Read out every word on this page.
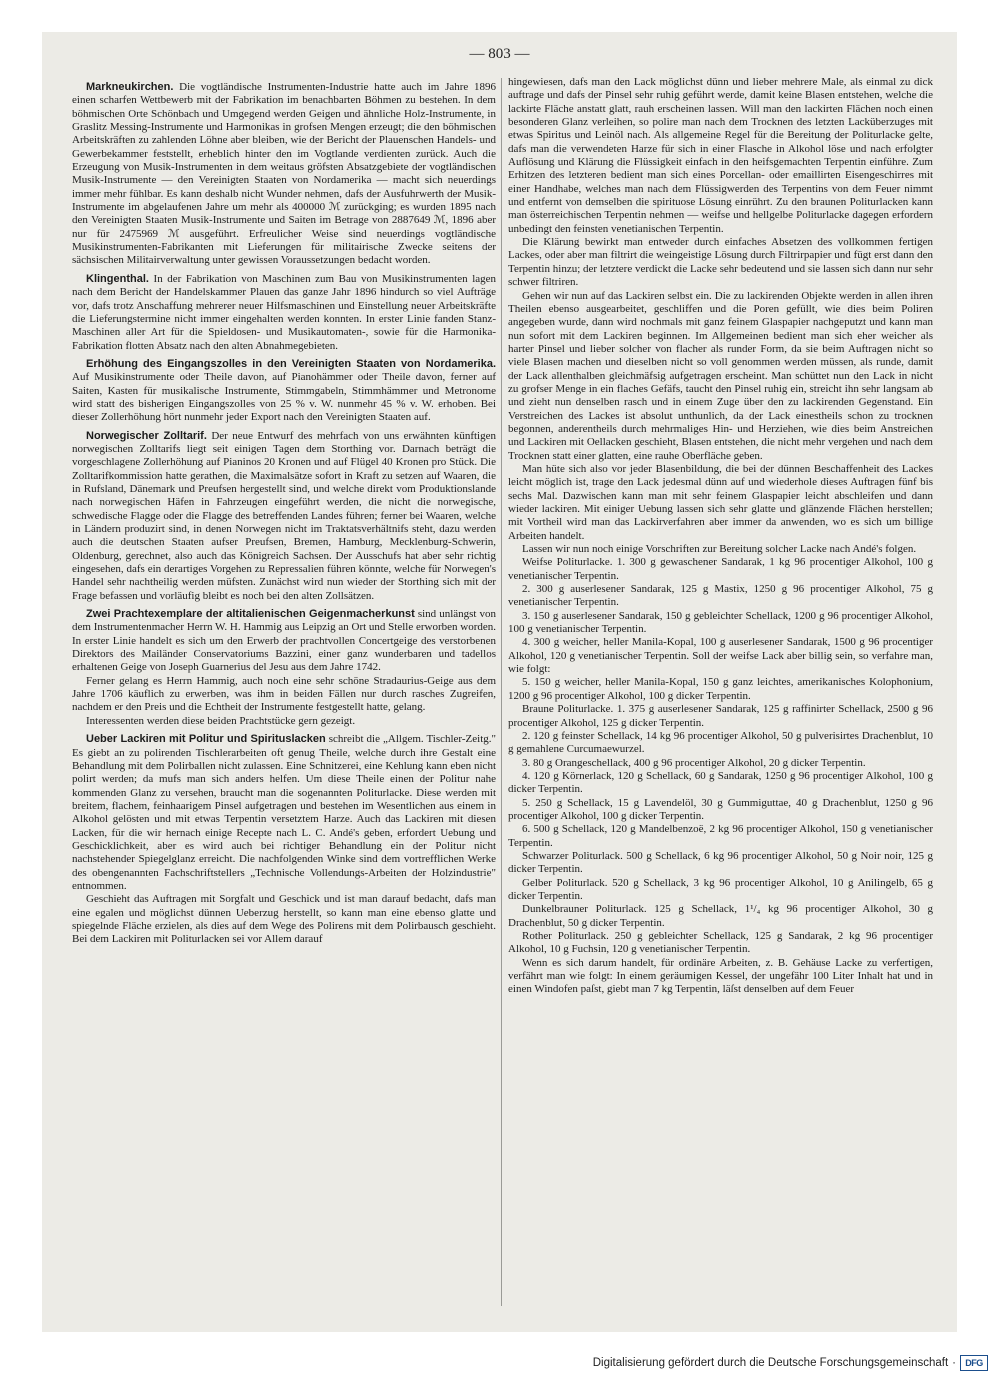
— 803 —

Markneukirchen. Die vogtländische Instrumenten-Industrie hatte auch im Jahre 1896 einen scharfen Wettbewerb mit der Fabrikation im benachbarten Böhmen zu bestehen. In dem böhmischen Orte Schönbach und Umgegend werden Geigen und ähnliche Holz-Instrumente, in Graslitz Messing-Instrumente und Harmonikas in grofsen Mengen erzeugt; die den böhmischen Arbeitskräften zu zahlenden Löhne aber bleiben, wie der Bericht der Plauenschen Handels- und Gewerbekammer feststellt, erheblich hinter den im Vogtlande verdienten zurück. Auch die Erzeugung von Musik-Instrumenten in dem weitaus gröfsten Absatzgebiete der vogtländischen Musik-Instrumente — den Vereinigten Staaten von Nordamerika — macht sich neuerdings immer mehr fühlbar. Es kann deshalb nicht Wunder nehmen, dafs der Ausfuhrwerth der Musik-Instrumente im abgelaufenen Jahre um mehr als 400000 ℳ zurückging; es wurden 1895 nach den Vereinigten Staaten Musik-Instrumente und Saiten im Betrage von 2887649 ℳ, 1896 aber nur für 2475969 ℳ ausgeführt. Erfreulicher Weise sind neuerdings vogtländische Musikinstrumenten-Fabrikanten mit Lieferungen für militairische Zwecke seitens der sächsischen Militairverwaltung unter gewissen Voraussetzungen bedacht worden.

Klingenthal. In der Fabrikation von Maschinen zum Bau von Musikinstrumenten lagen nach dem Bericht der Handelskammer Plauen das ganze Jahr 1896 hindurch so viel Aufträge vor, dafs trotz Anschaffung mehrerer neuer Hilfsmaschinen und Einstellung neuer Arbeitskräfte die Lieferungstermine nicht immer eingehalten werden konnten. In erster Linie fanden Stanz-Maschinen aller Art für die Spieldosen- und Musikautomaten-, sowie für die Harmonika-Fabrikation flotten Absatz nach den alten Abnahmegebieten.

Erhöhung des Eingangszolles in den Vereinigten Staaten von Nordamerika. Auf Musikinstrumente oder Theile davon, auf Pianohämmer oder Theile davon, ferner auf Saiten, Kasten für musikalische Instrumente, Stimmgabeln, Stimmhämmer und Metronome wird statt des bisherigen Eingangszolles von 25 % v. W. nunmehr 45 % v. W. erhoben. Bei dieser Zollerhöhung hört nunmehr jeder Export nach den Vereinigten Staaten auf.

Norwegischer Zolltarif. Der neue Entwurf des mehrfach von uns erwähnten künftigen norwegischen Zolltarifs liegt seit einigen Tagen dem Storthing vor. Darnach beträgt die vorgeschlagene Zollerhöhung auf Pianinos 20 Kronen und auf Flügel 40 Kronen pro Stück. Die Zolltarifkommission hatte gerathen, die Maximalsätze sofort in Kraft zu setzen auf Waaren, die in Rufsland, Dänemark und Preufsen hergestellt sind, und welche direkt vom Produktionslande nach norwegischen Häfen in Fahrzeugen eingeführt werden, die nicht die norwegische, schwedische Flagge oder die Flagge des betreffenden Landes führen; ferner bei Waaren, welche in Ländern produzirt sind, in denen Norwegen nicht im Traktatsverhältnifs steht, dazu werden auch die deutschen Staaten aufser Preufsen, Bremen, Hamburg, Mecklenburg-Schwerin, Oldenburg, gerechnet, also auch das Königreich Sachsen. Der Ausschufs hat aber sehr richtig eingesehen, dafs ein derartiges Vorgehen zu Repressalien führen könnte, welche für Norwegen's Handel sehr nachtheilig werden müfsten. Zunächst wird nun wieder der Storthing sich mit der Frage befassen und vorläufig bleibt es noch bei den alten Zollsätzen.

Zwei Prachtexemplare der altitalienischen Geigenmacherkunst sind unlängst von dem Instrumentenmacher Herrn W. H. Hammig aus Leipzig an Ort und Stelle erworben worden. In erster Linie handelt es sich um den Erwerb der prachtvollen Concertgeige des verstorbenen Direktors des Mailänder Conservatoriums Bazzini, einer ganz wunderbaren und tadellos erhaltenen Geige von Joseph Guarnerius del Jesu aus dem Jahre 1742.

Ferner gelang es Herrn Hammig, auch noch eine sehr schöne Stradaurius-Geige aus dem Jahre 1706 käuflich zu erwerben, was ihm in beiden Fällen nur durch rasches Zugreifen, nachdem er den Preis und die Echtheit der Instrumente festgestellt hatte, gelang.

Interessenten werden diese beiden Prachtstücke gern gezeigt.

Ueber Lackiren mit Politur und Spirituslacken schreibt die „Allgem. Tischler-Zeitg." Es giebt an zu polirenden Tischlerarbeiten oft genug Theile, welche durch ihre Gestalt eine Behandlung mit dem Polirballen nicht zulassen. Eine Schnitzerei, eine Kehlung kann eben nicht polirt werden; da mufs man sich anders helfen. Um diese Theile einen der Politur nahe kommenden Glanz zu versehen, braucht man die sogenannten Politurlacke. Diese werden mit breitem, flachem, feinhaarigem Pinsel aufgetragen und bestehen im Wesentlichen aus einem in Alkohol gelösten und mit etwas Terpentin versetztem Harze. Auch das Lackiren mit diesen Lacken, für die wir hernach einige Recepte nach L. C. Andé's geben, erfordert Uebung und Geschicklichkeit, aber es wird auch bei richtiger Behandlung ein der Politur nicht nachstehender Spiegelglanz erreicht. Die nachfolgenden Winke sind dem vortrefflichen Werke des obengenannten Fachschriftstellers „Technische Vollendungs-Arbeiten der Holzindustrie" entnommen.

Geschieht das Auftragen mit Sorgfalt und Geschick und ist man darauf bedacht, dafs man eine egalen und möglichst dünnen Ueberzug herstellt, so kann man eine ebenso glatte und spiegelnde Fläche erzielen, als dies auf dem Wege des Polirens mit dem Polirbausch geschieht. Bei dem Lackiren mit Politurlacken sei vor Allem darauf

hingewiesen, dafs man den Lack möglichst dünn und lieber mehrere Male, als einmal zu dick auftrage und dafs der Pinsel sehr ruhig geführt werde, damit keine Blasen entstehen, welche die lackirte Fläche anstatt glatt, rauh erscheinen lassen. Will man den lackirten Flächen noch einen besonderen Glanz verleihen, so polire man nach dem Trocknen des letzten Lacküberzuges mit etwas Spiritus und Leinöl nach. Als allgemeine Regel für die Bereitung der Politurlacke gelte, dafs man die verwendeten Harze für sich in einer Flasche in Alkohol löse und nach erfolgter Auflösung und Klärung die Flüssigkeit einfach in den heifsgemachten Terpentin einführe. Zum Erhitzen des letzteren bedient man sich eines Porcellan- oder emaillirten Eisengeschirres mit einer Handhabe, welches man nach dem Flüssigwerden des Terpentins von dem Feuer nimmt und entfernt von demselben die spirituose Lösung einrührt. Zu den braunen Politurlacken kann man österreichischen Terpentin nehmen — weifse und hellgelbe Politurlacke dagegen erfordern unbedingt den feinsten venetianischen Terpentin.

Die Klärung bewirkt man entweder durch einfaches Absetzen des vollkommen fertigen Lackes, oder aber man filtrirt die weingeistige Lösung durch Filtrirpapier und fügt erst dann den Terpentin hinzu; der letztere verdickt die Lacke sehr bedeutend und sie lassen sich dann nur sehr schwer filtriren.

Gehen wir nun auf das Lackiren selbst ein. Die zu lackirenden Objekte werden in allen ihren Theilen ebenso ausgearbeitet, geschliffen und die Poren gefüllt, wie dies beim Poliren angegeben wurde, dann wird nochmals mit ganz feinem Glaspapier nachgeputzt und kann man nun sofort mit dem Lackiren beginnen. Im Allgemeinen bedient man sich eher weicher als harter Pinsel und lieber solcher von flacher als runder Form, da sie beim Auftragen nicht so viele Blasen machen und dieselben nicht so voll genommen werden müssen, als runde, damit der Lack allenthalben gleichmäfsig aufgetragen erscheint. Man schüttet nun den Lack in nicht zu grofser Menge in ein flaches Gefäfs, taucht den Pinsel ruhig ein, streicht ihn sehr langsam ab und zieht nun denselben rasch und in einem Zuge über den zu lackirenden Gegenstand. Ein Verstreichen des Lackes ist absolut unthunlich, da der Lack einestheils schon zu trocknen begonnen, anderentheils durch mehrmaliges Hin- und Herziehen, wie dies beim Anstreichen und Lackiren mit Oellacken geschieht, Blasen entstehen, die nicht mehr vergehen und nach dem Trocknen statt einer glatten, eine rauhe Oberfläche geben.

Man hüte sich also vor jeder Blasenbildung, die bei der dünnen Beschaffenheit des Lackes leicht möglich ist, trage den Lack jedesmal dünn auf und wiederhole dieses Auftragen fünf bis sechs Mal. Dazwischen kann man mit sehr feinem Glaspapier leicht abschleifen und dann wieder lackiren. Mit einiger Uebung lassen sich sehr glatte und glänzende Flächen herstellen; mit Vortheil wird man das Lackirverfahren aber immer da anwenden, wo es sich um billige Arbeiten handelt.

Lassen wir nun noch einige Vorschriften zur Bereitung solcher Lacke nach Andé's folgen.

Weifse Politurlacke. 1. 300 g gewaschener Sandarak, 1 kg 96 procentiger Alkohol, 100 g venetianischer Terpentin.

2. 300 g auserlesener Sandarak, 125 g Mastix, 1250 g 96 procentiger Alkohol, 75 g venetianischer Terpentin.

3. 150 g auserlesener Sandarak, 150 g gebleichter Schellack, 1200 g 96 procentiger Alkohol, 100 g venetianischer Terpentin.

4. 300 g weicher, heller Manila-Kopal, 100 g auserlesener Sandarak, 1500 g 96 procentiger Alkohol, 120 g venetianischer Terpentin. Soll der weifse Lack aber billig sein, so verfahre man, wie folgt:

5. 150 g weicher, heller Manila-Kopal, 150 g ganz leichtes, amerikanisches Kolophonium, 1200 g 96 procentiger Alkohol, 100 g dicker Terpentin.

Braune Politurlacke. 1. 375 g auserlesener Sandarak, 125 g raffinirter Schellack, 2500 g 96 procentiger Alkohol, 125 g dicker Terpentin.

2. 120 g feinster Schellack, 14 kg 96 procentiger Alkohol, 50 g pulverisirtes Drachenblut, 10 g gemahlene Curcumaewurzel.

3. 80 g Orangeschellack, 400 g 96 procentiger Alkohol, 20 g dicker Terpentin.

4. 120 g Körnerlack, 120 g Schellack, 60 g Sandarak, 1250 g 96 procentiger Alkohol, 100 g dicker Terpentin.

5. 250 g Schellack, 15 g Lavendelöl, 30 g Gummiguttae, 40 g Drachenblut, 1250 g 96 procentiger Alkohol, 100 g dicker Terpentin.

6. 500 g Schellack, 120 g Mandelbenzoë, 2 kg 96 procentiger Alkohol, 150 g venetianischer Terpentin.

Schwarzer Politurlack. 500 g Schellack, 6 kg 96 procentiger Alkohol, 50 g Noir noir, 125 g dicker Terpentin.

Gelber Politurlack. 520 g Schellack, 3 kg 96 procentiger Alkohol, 10 g Anilingelb, 65 g dicker Terpentin.

Dunkelbrauner Politurlack. 125 g Schellack, 1¹/₄ kg 96 procentiger Alkohol, 30 g Drachenblut, 50 g dicker Terpentin.

Rother Politurlack. 250 g gebleichter Schellack, 125 g Sandarak, 2 kg 96 procentiger Alkohol, 10 g Fuchsin, 120 g venetianischer Terpentin.

Wenn es sich darum handelt, für ordinäre Arbeiten, z. B. Gehäuse Lacke zu verfertigen, verfährt man wie folgt: In einem geräumigen Kessel, der ungefähr 100 Liter Inhalt hat und in einen Windofen paſst, giebt man 7 kg Terpentin, läſst denselben auf dem Feuer

Digitalisierung gefördert durch die Deutsche Forschungsgemeinschaft ·	DFG
